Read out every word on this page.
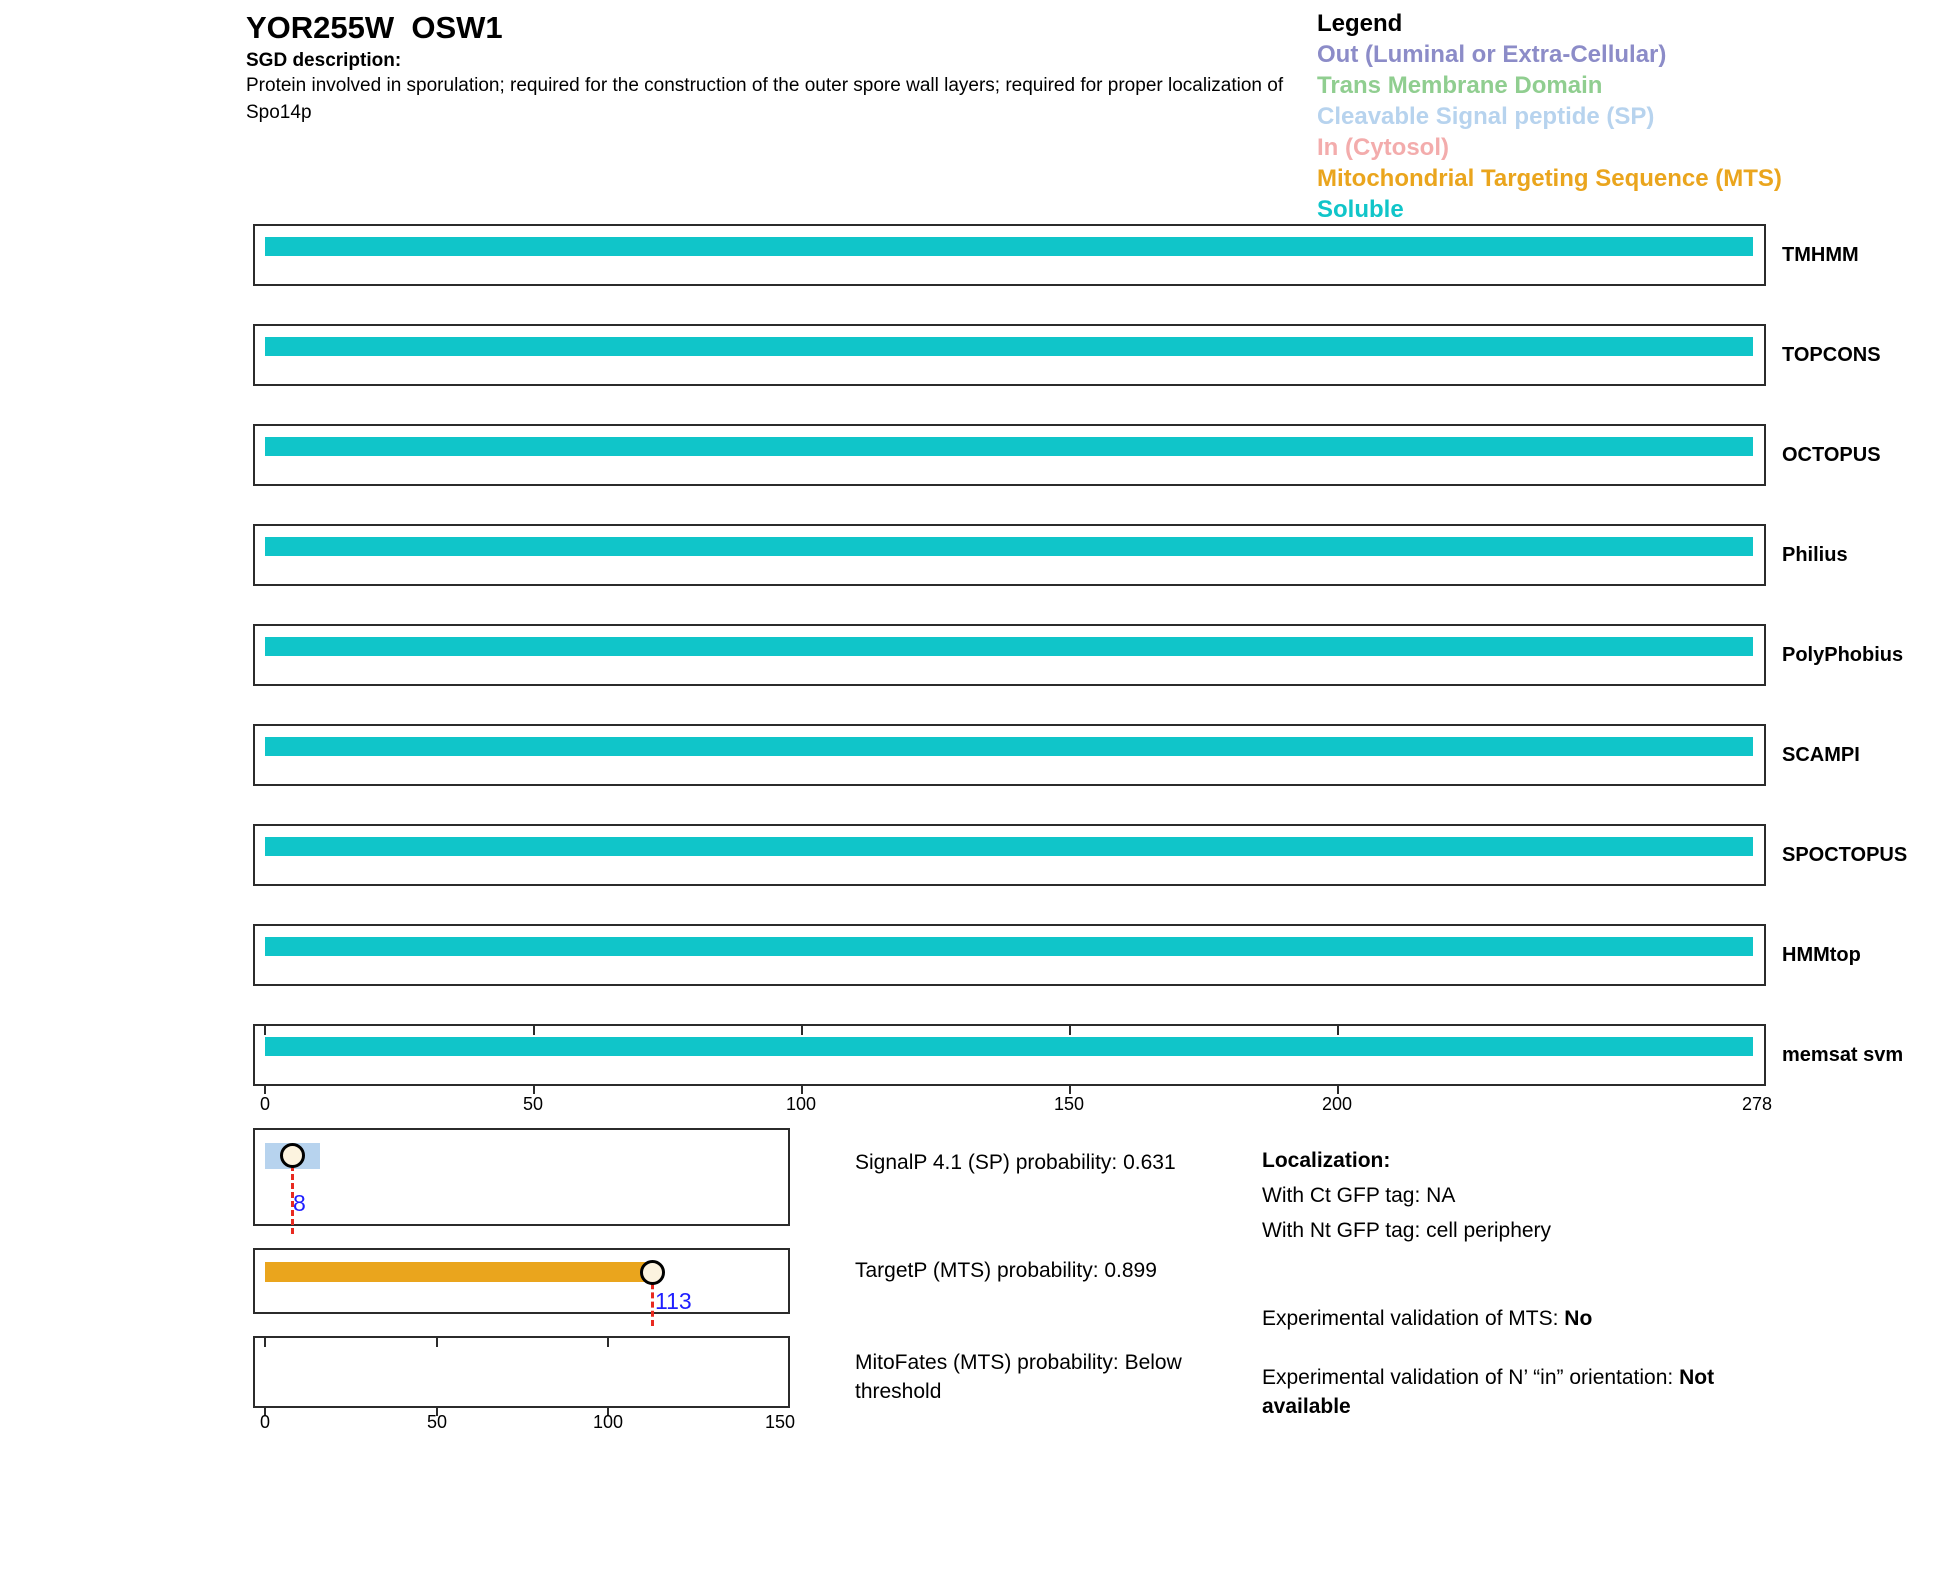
YOR255W  OSW1
SGD description:
Protein involved in sporulation; required for the construction of the outer spore wall layers; required for proper localization of Spo14p
Legend
Out (Luminal or Extra-Cellular)
Trans Membrane Domain
Cleavable Signal peptide (SP)
In (Cytosol)
Mitochondrial Targeting Sequence (MTS)
Soluble
TMHMM
TOPCONS
OCTOPUS
Philius
PolyPhobius
SCAMPI
SPOCTOPUS
HMMtop
memsat svm
0	50	100	150	200	278
8
SignalP 4.1 (SP) probability: 0.631
113
TargetP (MTS) probability: 0.899
0	50	100	150
MitoFates (MTS) probability: Below threshold
Localization:
With Ct GFP tag: NA
With Nt GFP tag: cell periphery
Experimental validation of MTS: No
Experimental validation of N’ “in” orientation: Not available
